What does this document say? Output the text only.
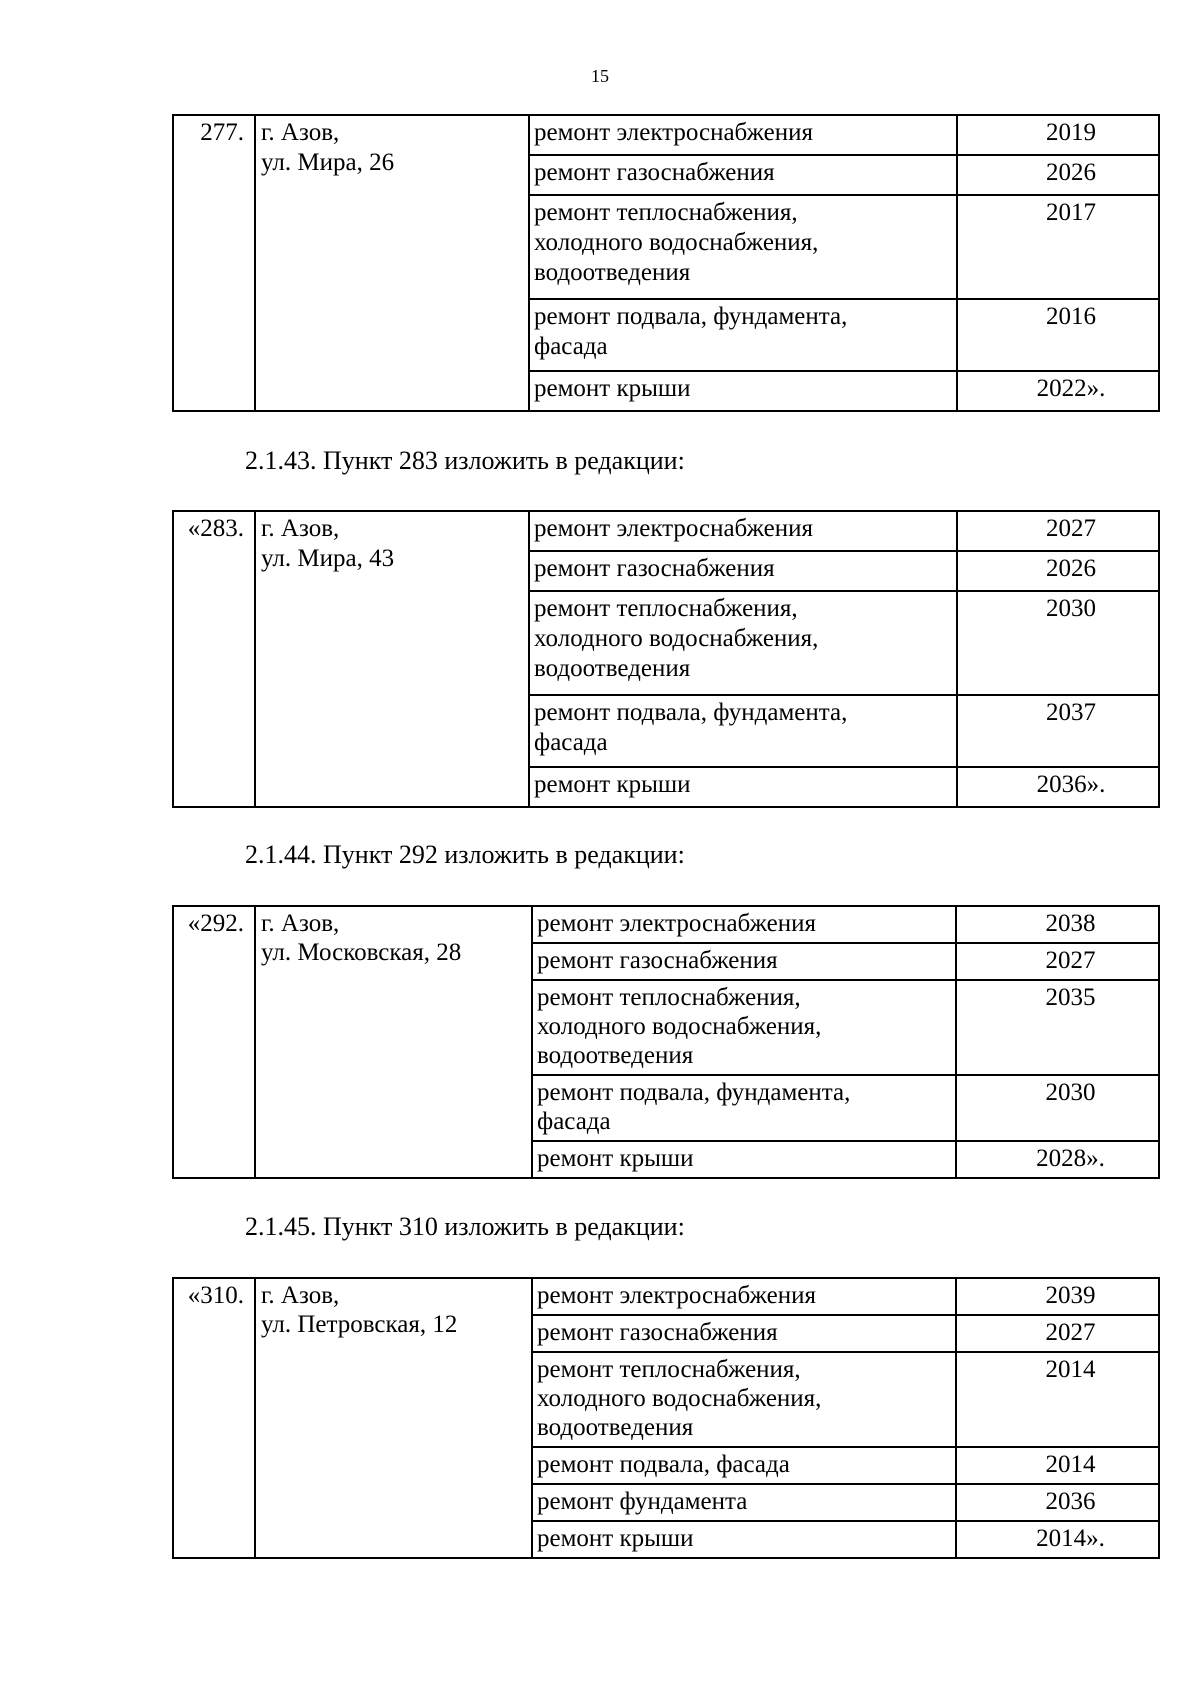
15
277.	г. Азов,
ул. Мира, 26	ремонт электроснабжения	2019

		ремонт газоснабжения	2026

		ремонт теплоснабжения,
холодного водоснабжения,
водоотведения	2017

		ремонт подвала, фундамента,
фасада	2016

		ремонт крыши	2022».
2.1.43. Пункт 283 изложить в редакции:
«283.	г. Азов,
ул. Мира, 43	ремонт электроснабжения	2027

		ремонт газоснабжения	2026

		ремонт теплоснабжения,
холодного водоснабжения,
водоотведения	2030

		ремонт подвала, фундамента,
фасада	2037

		ремонт крыши	2036».
2.1.44. Пункт 292 изложить в редакции:
«292.	г. Азов,
ул. Московская, 28	ремонт электроснабжения	2038

		ремонт газоснабжения	2027

		ремонт теплоснабжения,
холодного водоснабжения,
водоотведения	2035

		ремонт подвала, фундамента,
фасада	2030

		ремонт крыши	2028».
2.1.45. Пункт 310 изложить в редакции:
«310.	г. Азов,
ул. Петровская, 12	ремонт электроснабжения	2039

		ремонт газоснабжения	2027

		ремонт теплоснабжения,
холодного водоснабжения,
водоотведения	2014

		ремонт подвала, фасада	2014

		ремонт фундамента	2036

		ремонт крыши	2014».
